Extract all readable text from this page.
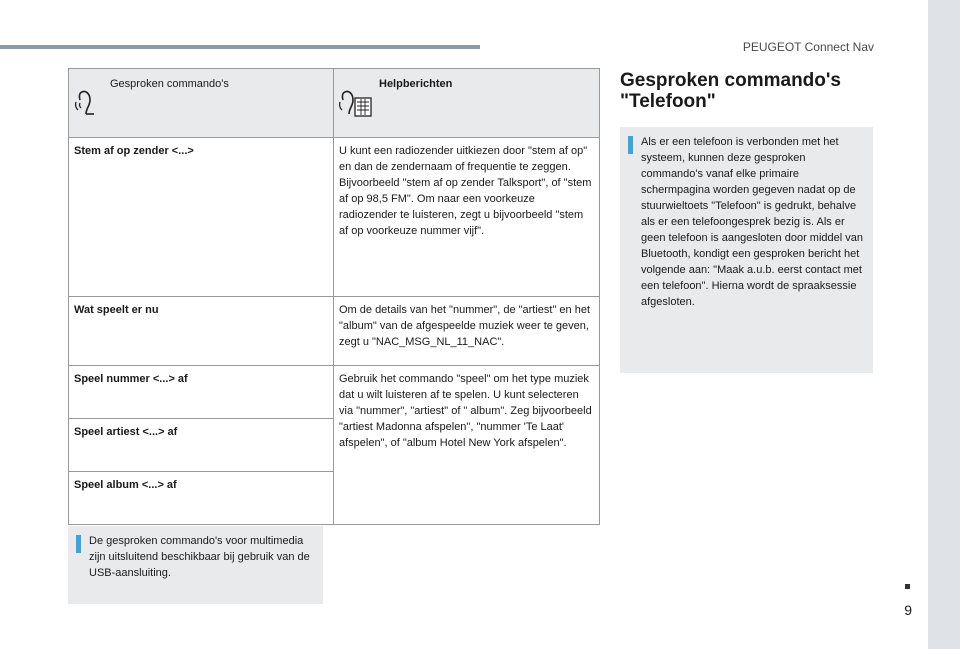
PEUGEOT Connect Nav
9
Gesproken commando's	Helpberichten

Stem af op zender <...>	U kunt een radiozender uitkiezen door "stem af op" en dan de zendernaam of frequentie te zeggen. Bijvoorbeeld "stem af op zender Talksport", of "stem af op 98,5 FM". Om naar een voorkeuze radiozender te luisteren, zegt u bijvoorbeeld "stem af op voorkeuze nummer vijf".
Wat speelt er nu	Om de details van het "nummer", de "artiest" en het "album" van de afgespeelde muziek weer te geven, zegt u "NAC_MSG_NL_11_NAC".
Speel nummer <...> af	Gebruik het commando "speel" om het type muziek dat u wilt luisteren af te spelen. U kunt selecteren via "nummer", "artiest" of " album". Zeg bijvoorbeeld "artiest Madonna afspelen", "nummer 'Te Laat' afspelen", of "album Hotel New York afspelen".
Speel artiest <...> af	
Speel album <...> af	
De gesproken commando's voor multimedia zijn uitsluitend beschikbaar bij gebruik van de USB-aansluiting.
Gesproken commando's "Telefoon"
Als er een telefoon is verbonden met het systeem, kunnen deze gesproken commando's vanaf elke primaire schermpagina worden gegeven nadat op de stuurwieltoets "Telefoon" is gedrukt, behalve als er een telefoongesprek bezig is. Als er geen telefoon is aangesloten door middel van Bluetooth, kondigt een gesproken bericht het volgende aan: "Maak a.u.b. eerst contact met een telefoon". Hierna wordt de spraaksessie afgesloten.
